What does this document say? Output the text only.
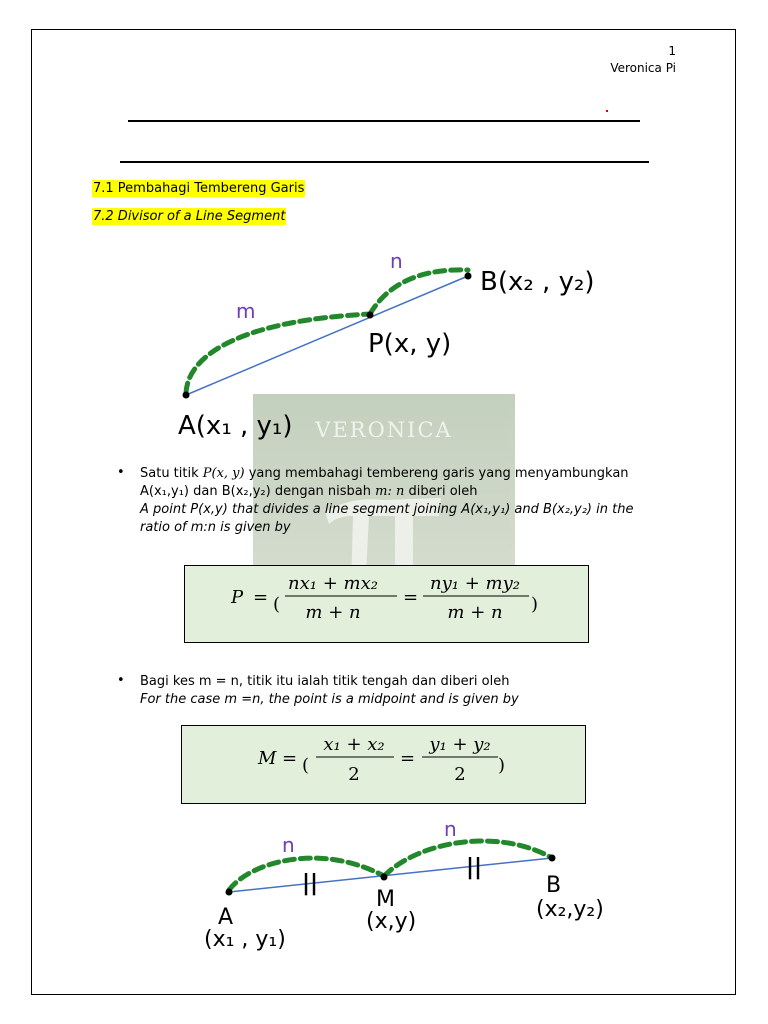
1
Veronica Pi
7.1 Pembahagi Tembereng Garis
7.2 Divisor of a Line Segment
VERONICA
m
n
B(x₂ , y₂)
P(x, y)
A(x₁ , y₁)
• Satu titik P(x, y) yang membahagi tembereng garis yang menyambungkan
A(x₁,y₁) dan B(x₂,y₂) dengan nisbah m: n diberi oleh
A point P(x,y) that divides a line segment joining A(x₁,y₁) and B(x₂,y₂) in the
ratio of m:n is given by
P = (
nx₁ + mx₂
m + n
=
ny₁ + my₂
m + n )
• Bagi kes m = n, titik itu ialah titik tengah dan diberi oleh
For the case m =n, the point is a midpoint and is given by
M = (
x₁ + x₂
2
=
y₁ + y₂
2 )
n
n
||
||
A
(x₁ , y₁)
M
(x,y)
B
(x₂,y₂)
